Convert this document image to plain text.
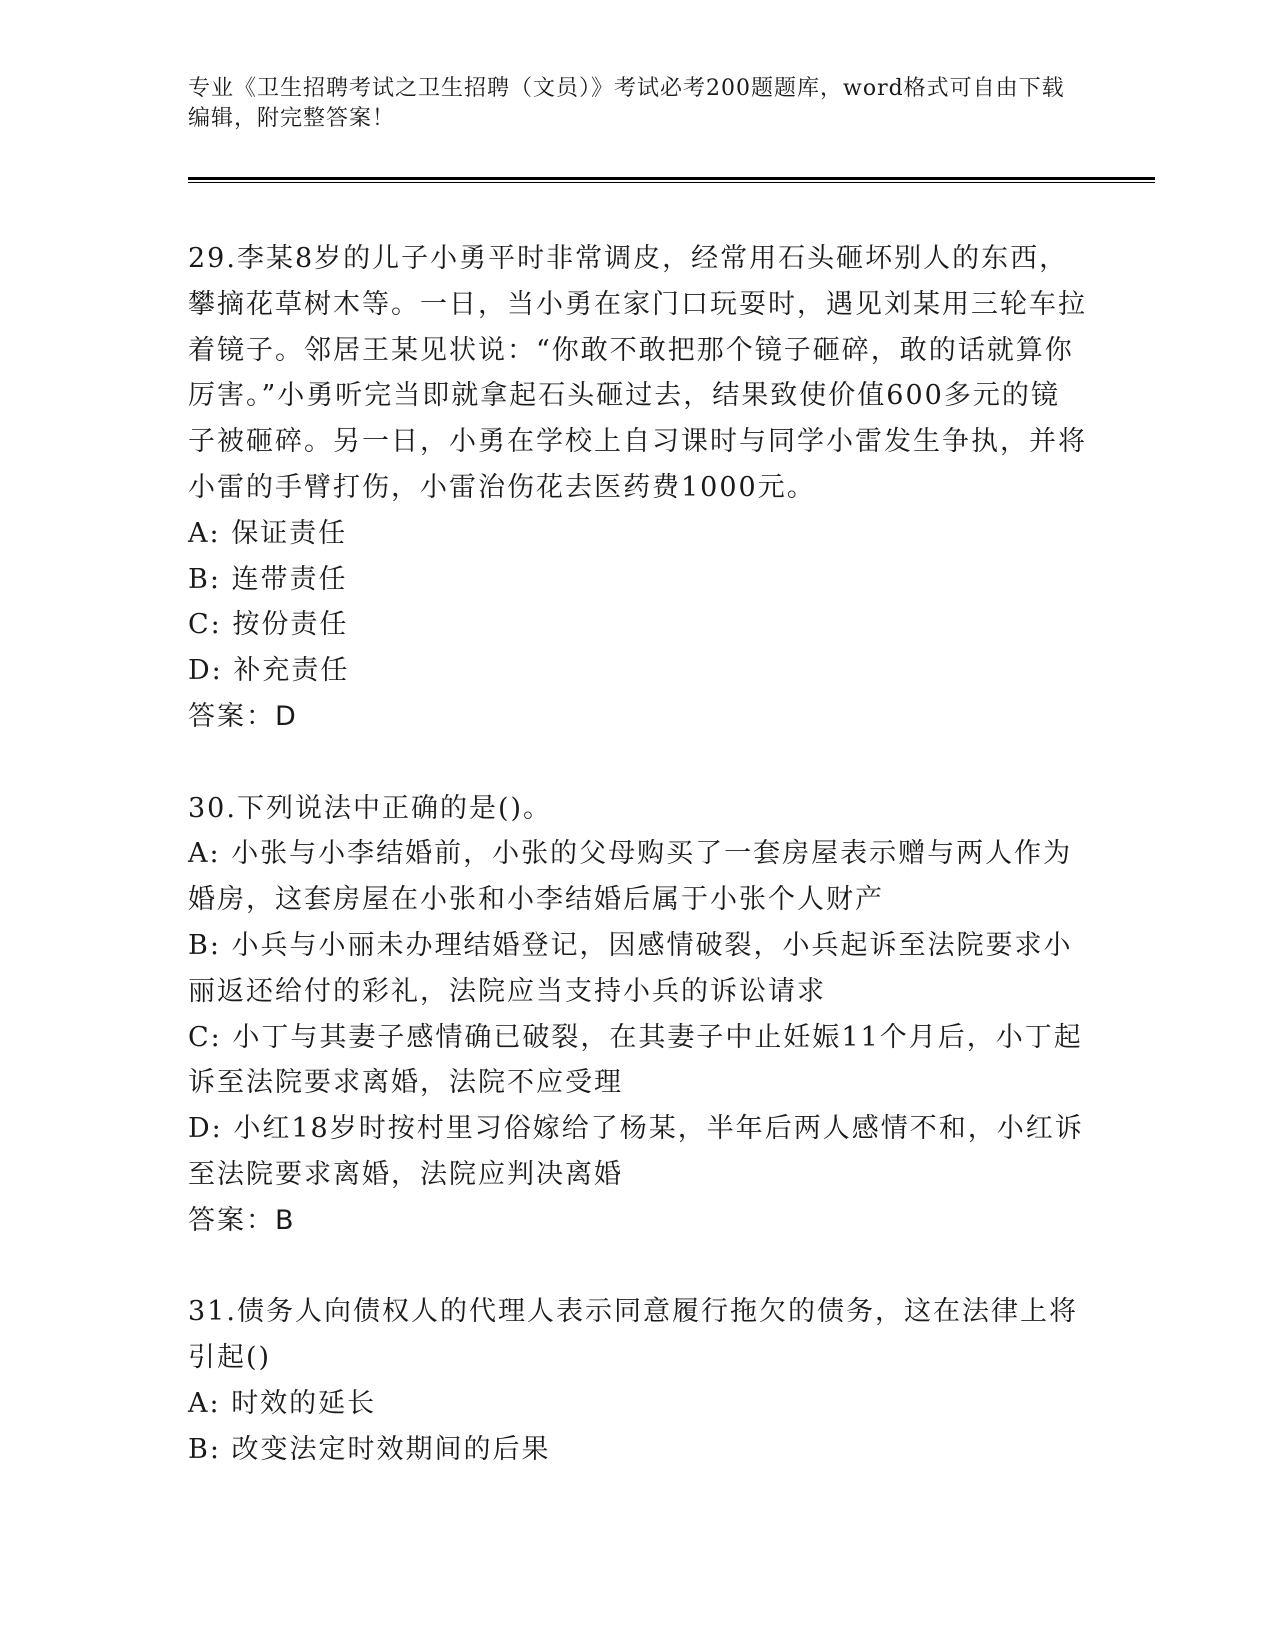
专业《卫生招聘考试之卫生招聘（文员）》考试必考200题题库，word格式可自由下载编辑，附完整答案！

29 . 李某8岁的儿子小勇平时非常调皮，经常用石头砸坏别人的东西，攀摘花草树木等。一日，当小勇在家门口玩耍时，遇见刘某用三轮车拉着镜子。邻居王某见状说：“你敢不敢把那个镜子砸碎，敢的话就算你厉害。”小勇听完当即就拿起石头砸过去，结果致使价值600多元的镜子被砸碎。另一日，小勇在学校上自习课时与同学小雷发生争执，并将小雷的手臂打伤，小雷治伤花去医药费1000元。

A : 保证责任

B : 连带责任

C : 按份责任

D : 补充责任

答案 ： D

30 . 下列说法中正确的是()。

A : 小张与小李结婚前，小张的父母购买了一套房屋表示赠与两人作为婚房，这套房屋在小张和小李结婚后属于小张个人财产

B : 小兵与小丽未办理结婚登记，因感情破裂，小兵起诉至法院要求小丽返还给付的彩礼，法院应当支持小兵的诉讼请求

C : 小丁与其妻子感情确已破裂，在其妻子中止妊娠11个月后，小丁起诉至法院要求离婚，法院不应受理

D : 小红18岁时按村里习俗嫁给了杨某，半年后两人感情不和，小红诉至法院要求离婚，法院应判决离婚

答案 ： B

31 . 债务人向债权人的代理人表示同意履行拖欠的债务，这在法律上将引起()

A : 时效的延长

B : 改变法定时效期间的后果
